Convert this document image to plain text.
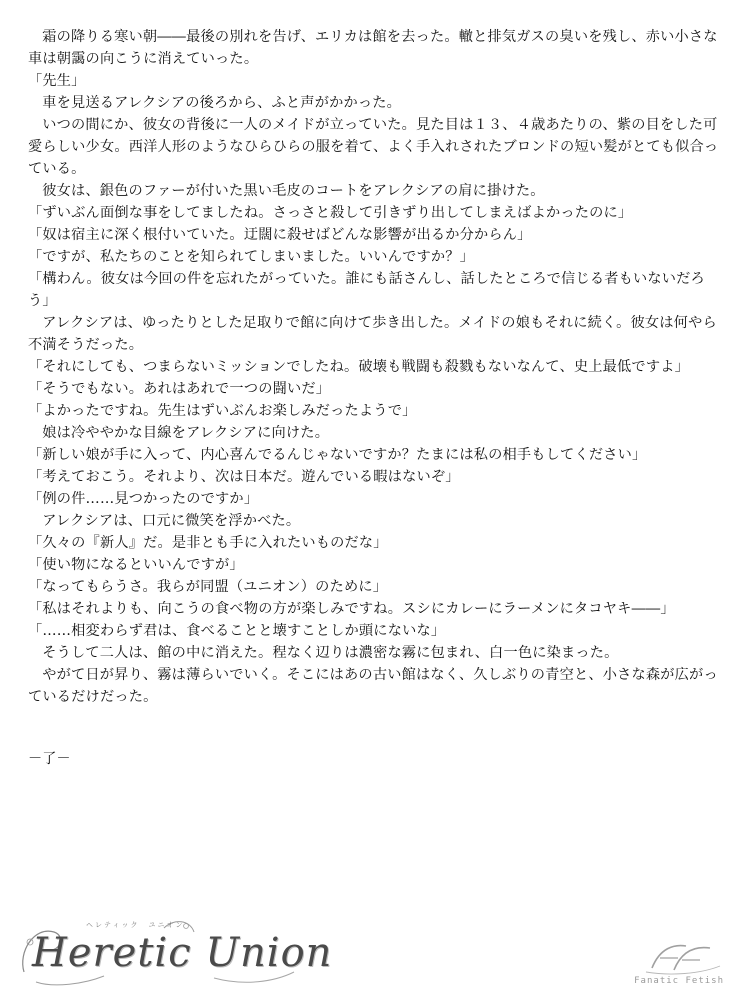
霜の降りる寒い朝――最後の別れを告げ、エリカは館を去った。轍と排気ガスの臭いを残し、赤い小さな車は朝靄の向こうに消えていった。

「先生」

車を見送るアレクシアの後ろから、ふと声がかかった。

いつの間にか、彼女の背後に一人のメイドが立っていた。見た目は１３、４歳あたりの、紫の目をした可愛らしい少女。西洋人形のようなひらひらの服を着て、よく手入れされたブロンドの短い髪がとても似合っている。

彼女は、銀色のファーが付いた黒い毛皮のコートをアレクシアの肩に掛けた。

「ずいぶん面倒な事をしてましたね。さっさと殺して引きずり出してしまえばよかったのに」

「奴は宿主に深く根付いていた。迂闊に殺せばどんな影響が出るか分からん」

「ですが、私たちのことを知られてしまいました。いいんですか？」

「構わん。彼女は今回の件を忘れたがっていた。誰にも話さんし、話したところで信じる者もいないだろう」

アレクシアは、ゆったりとした足取りで館に向けて歩き出した。メイドの娘もそれに続く。彼女は何やら不満そうだった。

「それにしても、つまらないミッションでしたね。破壊も戦闘も殺戮もないなんて、史上最低ですよ」

「そうでもない。あれはあれで一つの闘いだ」

「よかったですね。先生はずいぶんお楽しみだったようで」

娘は冷ややかな目線をアレクシアに向けた。

「新しい娘が手に入って、内心喜んでるんじゃないですか？たまには私の相手もしてください」

「考えておこう。それより、次は日本だ。遊んでいる暇はないぞ」

「例の件……見つかったのですか」

アレクシアは、口元に微笑を浮かべた。

「久々の『新人』だ。是非とも手に入れたいものだな」

「使い物になるといいんですが」

「なってもらうさ。我らが同盟（ユニオン）のために」

「私はそれよりも、向こうの食べ物の方が楽しみですね。スシにカレーにラーメンにタコヤキ――」

「……相変わらず君は、食べることと壊すことしか頭にないな」

そうして二人は、館の中に消えた。程なく辺りは濃密な霧に包まれ、白一色に染まった。

やがて日が昇り、霧は薄らいでいく。そこにはあの古い館はなく、久しぶりの青空と、小さな森が広がっているだけだった。

－了－
ヘレティック　ユニオン
Heretic Union
Fanatic Fetish
